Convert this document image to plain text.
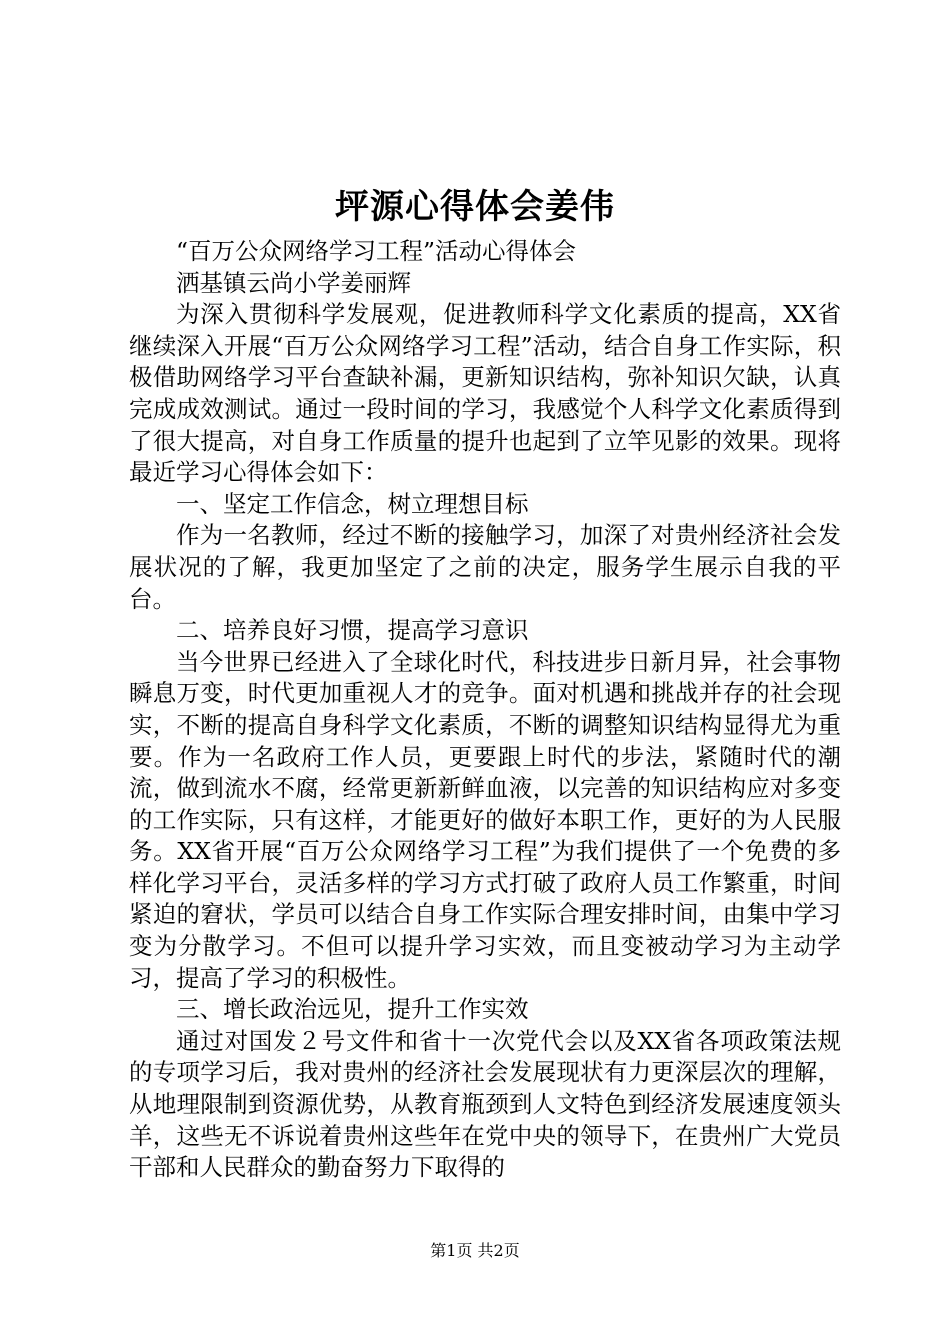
坪源心得体会姜伟

“百万公众网络学习工程”活动心得体会

洒基镇云尚小学姜丽辉

为深入贯彻科学发展观，促进教师科学文化素质的提高，XX省继续深入开展“百万公众网络学习工程”活动，结合自身工作实际，积极借助网络学习平台查缺补漏，更新知识结构，弥补知识欠缺，认真完成成效测试。通过一段时间的学习，我感觉个人科学文化素质得到了很大提高，对自身工作质量的提升也起到了立竿见影的效果。现将最近学习心得体会如下：

一、坚定工作信念，树立理想目标

作为一名教师，经过不断的接触学习，加深了对贵州经济社会发展状况的了解，我更加坚定了之前的决定，服务学生展示自我的平台。

二、培养良好习惯，提高学习意识

当今世界已经进入了全球化时代，科技进步日新月异，社会事物瞬息万变，时代更加重视人才的竞争。面对机遇和挑战并存的社会现实，不断的提高自身科学文化素质，不断的调整知识结构显得尤为重要。作为一名政府工作人员，更要跟上时代的步法，紧随时代的潮流，做到流水不腐，经常更新新鲜血液，以完善的知识结构应对多变的工作实际，只有这样，才能更好的做好本职工作，更好的为人民服务。XX省开展“百万公众网络学习工程”为我们提供了一个免费的多样化学习平台，灵活多样的学习方式打破了政府人员工作繁重，时间紧迫的窘状，学员可以结合自身工作实际合理安排时间，由集中学习变为分散学习。不但可以提升学习实效，而且变被动学习为主动学习，提高了学习的积极性。

三、增长政治远见，提升工作实效

通过对国发２号文件和省十一次党代会以及XX省各项政策法规的专项学习后，我对贵州的经济社会发展现状有力更深层次的理解，从地理限制到资源优势，从教育瓶颈到人文特色到经济发展速度领头羊，这些无不诉说着贵州这些年在党中央的领导下，在贵州广大党员干部和人民群众的勤奋努力下取得的

第1页 共2页
